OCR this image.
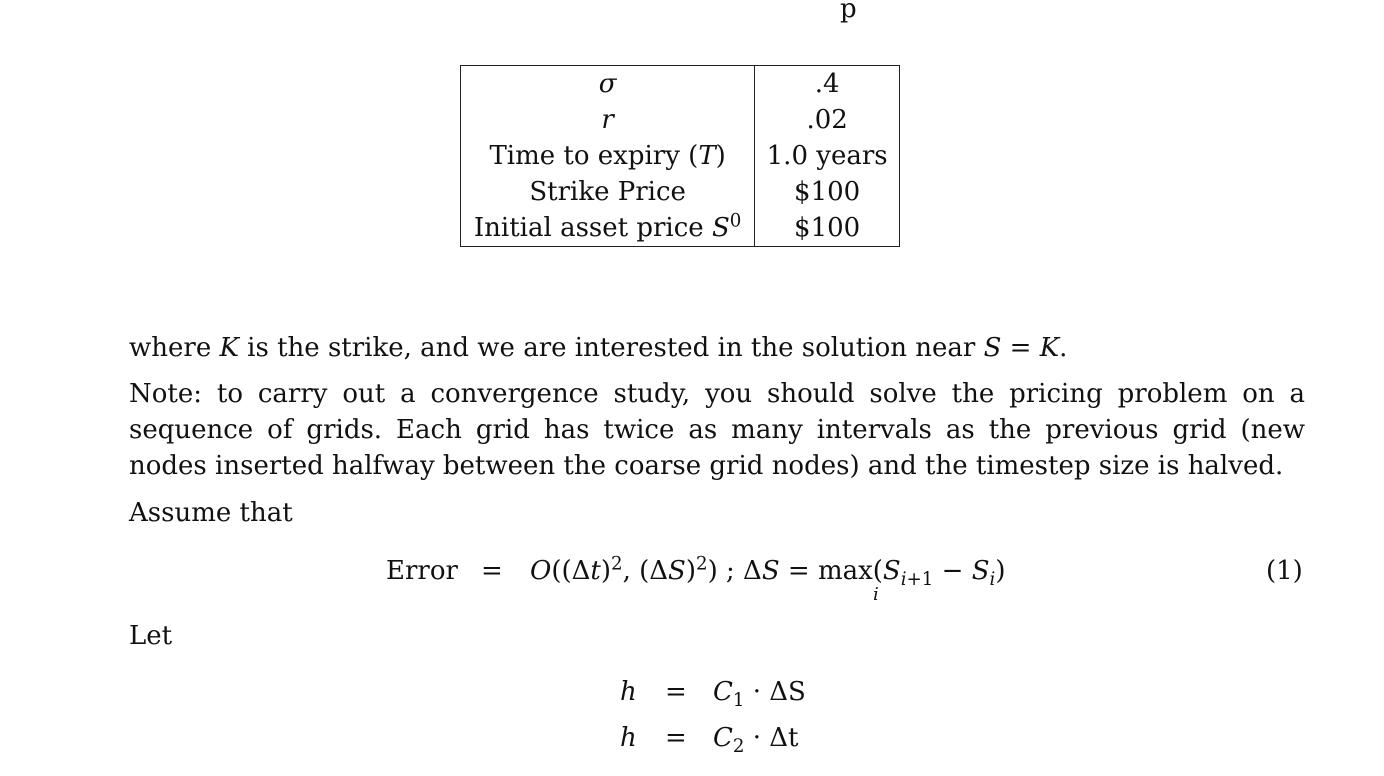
p
σ	.4
r	.02
Time to expiry (T)	1.0 years
Strike Price	$100
Initial asset price $S^0$	$100
where K is the strike, and we are interested in the solution near S = K.
Note: to carry out a convergence study, you should solve the pricing problem on a sequence of grids. Each grid has twice as many intervals as the previous grid (new nodes inserted halfway between the coarse grid nodes) and the timestep size is halved.
Assume that
Error = $O((\Delta t)^2$, $(\Delta S)^2$) ; $\Delta S = \max(S_{i+1} - S_i)$
i
(1)
Let
$h = C_1 \cdot \Delta S$
$h = C_2 \cdot \Delta t$
